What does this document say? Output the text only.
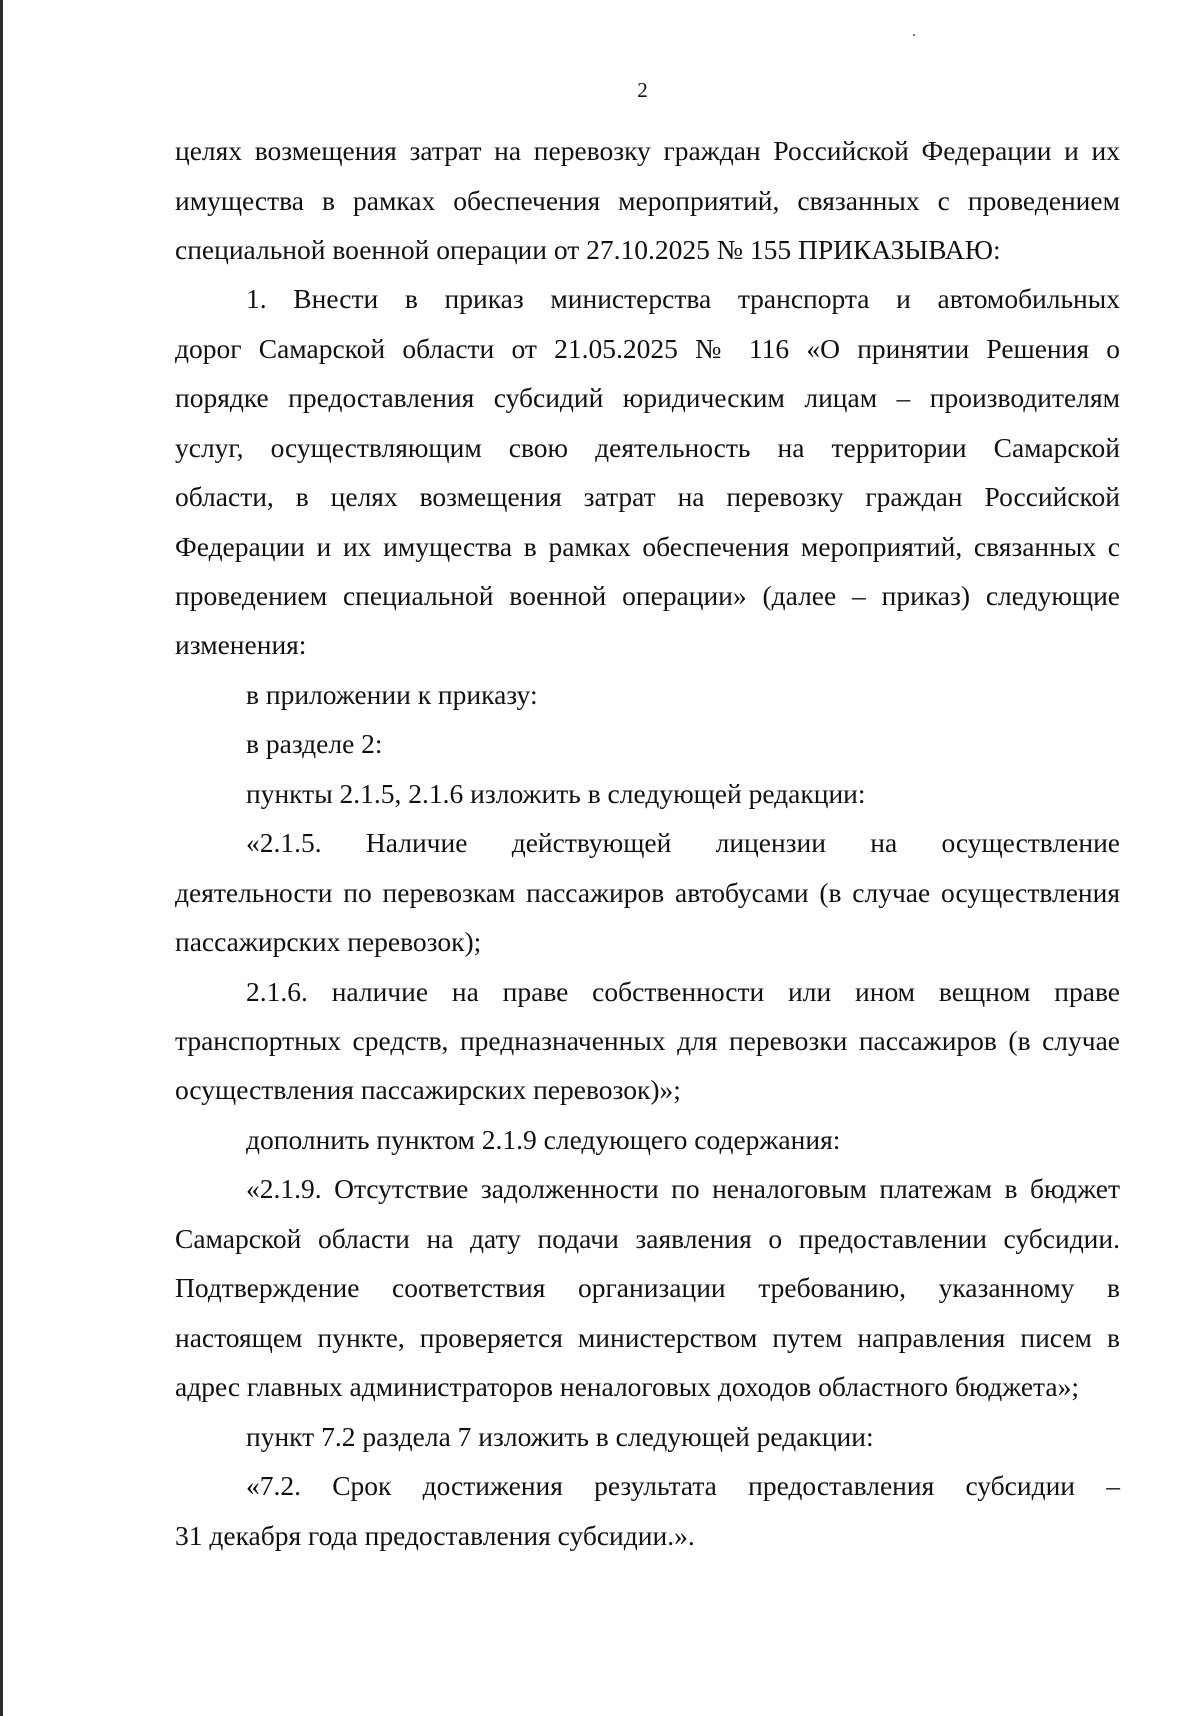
2
целях возмещения затрат на перевозку граждан Российской Федерации и их
имущества в рамках обеспечения мероприятий, связанных с проведением
специальной военной операции от 27.10.2025 № 155 ПРИКАЗЫВАЮ:
1. Внести в приказ министерства транспорта и автомобильных
дорог Самарской области от 21.05.2025 № 116 «О принятии Решения о
порядке предоставления субсидий юридическим лицам – производителям
услуг, осуществляющим свою деятельность на территории Самарской
области, в целях возмещения затрат на перевозку граждан Российской
Федерации и их имущества в рамках обеспечения мероприятий, связанных с
проведением специальной военной операции» (далее – приказ) следующие
изменения:
в приложении к приказу:
в разделе 2:
пункты 2.1.5, 2.1.6 изложить в следующей редакции:
«2.1.5. Наличие действующей лицензии на осуществление
деятельности по перевозкам пассажиров автобусами (в случае осуществления
пассажирских перевозок);
2.1.6. наличие на праве собственности или ином вещном праве
транспортных средств, предназначенных для перевозки пассажиров (в случае
осуществления пассажирских перевозок)»;
дополнить пунктом 2.1.9 следующего содержания:
«2.1.9. Отсутствие задолженности по неналоговым платежам в бюджет
Самарской области на дату подачи заявления о предоставлении субсидии.
Подтверждение соответствия организации требованию, указанному в
настоящем пункте, проверяется министерством путем направления писем в
адрес главных администраторов неналоговых доходов областного бюджета»;
пункт 7.2 раздела 7 изложить в следующей редакции:
«7.2. Срок достижения результата предоставления субсидии –
31 декабря года предоставления субсидии.».
